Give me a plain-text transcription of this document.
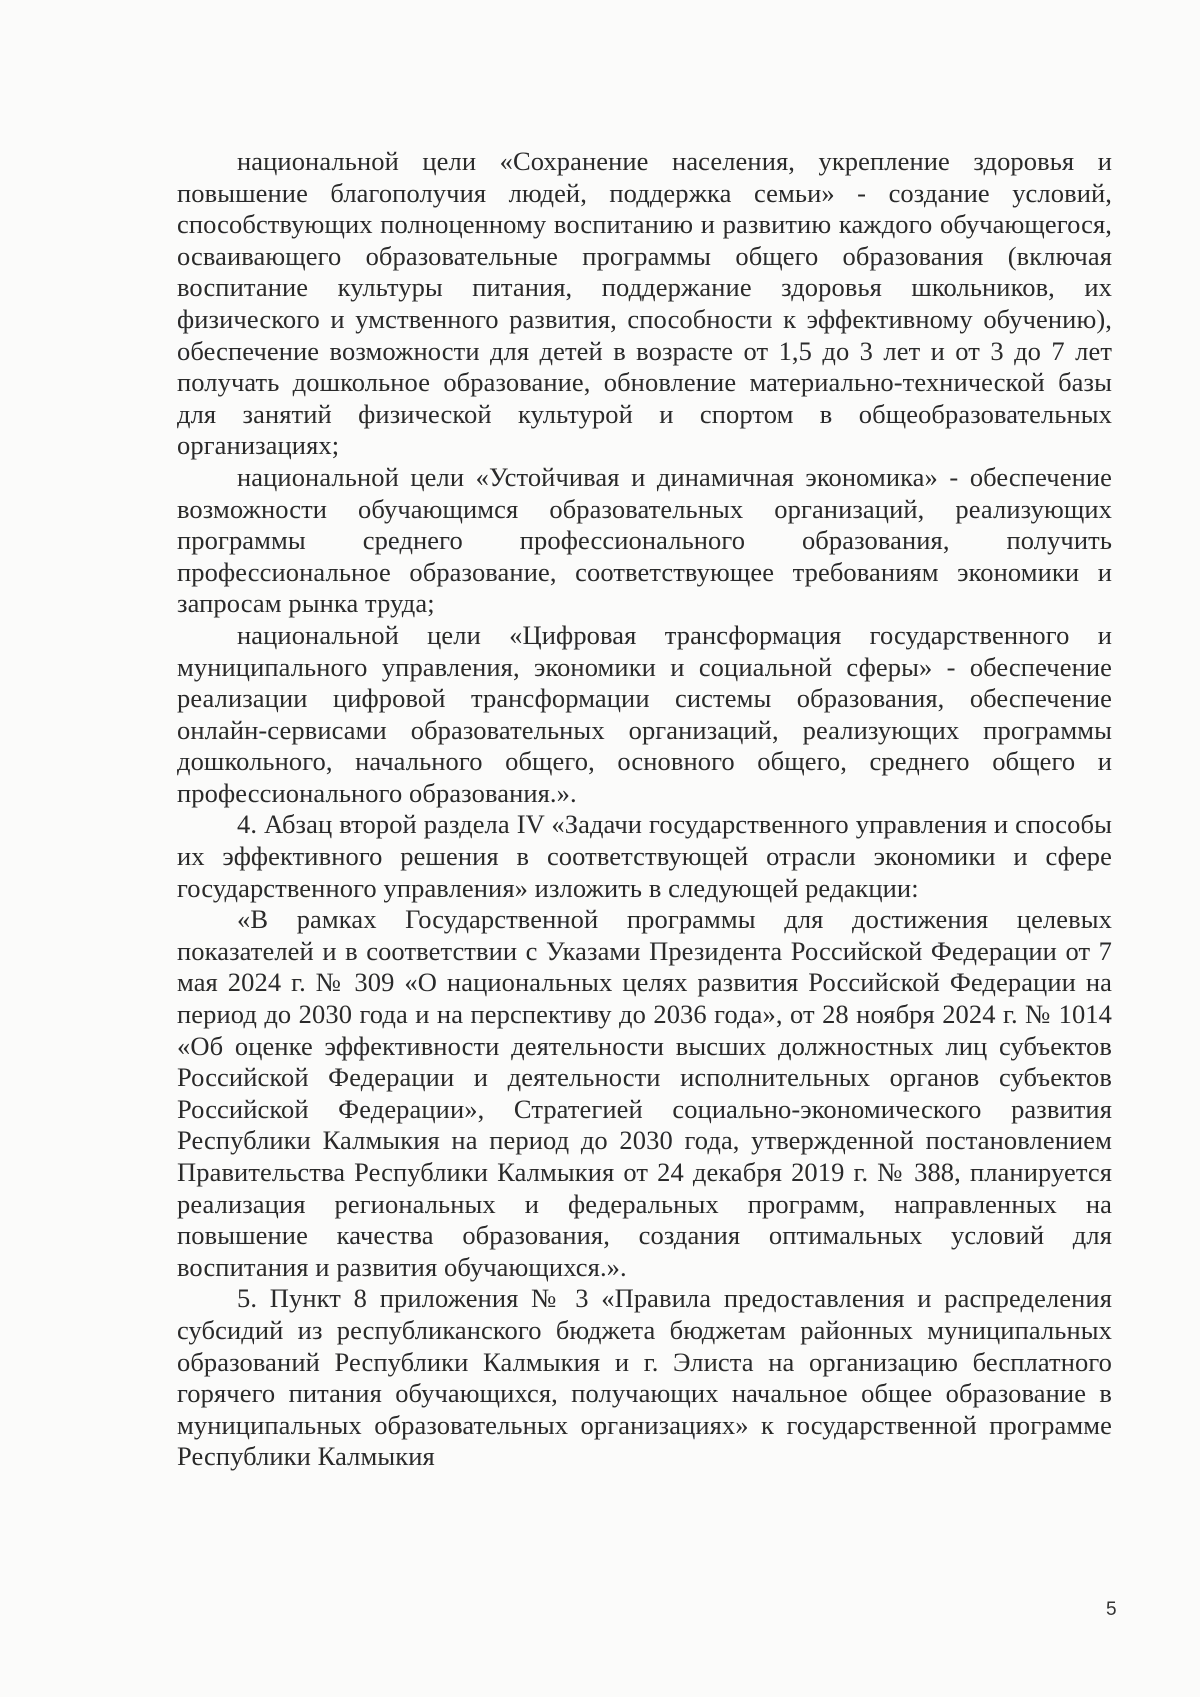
национальной цели «Сохранение населения, укрепление здоровья и повышение благополучия людей, поддержка семьи» - создание условий, способствующих полноценному воспитанию и развитию каждого обучающегося, осваивающего образовательные программы общего образования (включая воспитание культуры питания, поддержание здоровья школьников, их физического и умственного развития, способности к эффективному обучению), обеспечение возможности для детей в возрасте от 1,5 до 3 лет и от 3 до 7 лет получать дошкольное образование, обновление материально-технической базы для занятий физической культурой и спортом в общеобразовательных организациях;

национальной цели «Устойчивая и динамичная экономика» - обеспечение возможности обучающимся образовательных организаций, реализующих программы среднего профессионального образования, получить профессиональное образование, соответствующее требованиям экономики и запросам рынка труда;

национальной цели «Цифровая трансформация государственного и муниципального управления, экономики и социальной сферы» - обеспечение реализации цифровой трансформации системы образования, обеспечение онлайн-сервисами образовательных организаций, реализующих программы дошкольного, начального общего, основного общего, среднего общего и профессионального образования.».

4. Абзац второй раздела IV «Задачи государственного управления и способы их эффективного решения в соответствующей отрасли экономики и сфере государственного управления» изложить в следующей редакции:

«В рамках Государственной программы для достижения целевых показателей и в соответствии с Указами Президента Российской Федерации от 7 мая 2024 г. № 309 «О национальных целях развития Российской Федерации на период до 2030 года и на перспективу до 2036 года», от 28 ноября 2024 г. № 1014 «Об оценке эффективности деятельности высших должностных лиц субъектов Российской Федерации и деятельности исполнительных органов субъектов Российской Федерации», Стратегией социально-экономического развития Республики Калмыкия на период до 2030 года, утвержденной постановлением Правительства Республики Калмыкия от 24 декабря 2019 г. № 388, планируется реализация региональных и федеральных программ, направленных на повышение качества образования, создания оптимальных условий для воспитания и развития обучающихся.».

5. Пункт 8 приложения № 3 «Правила предоставления и распределения субсидий из республиканского бюджета бюджетам районных муниципальных образований Республики Калмыкия и г. Элиста на организацию бесплатного горячего питания обучающихся, получающих начальное общее образование в муниципальных образовательных организациях» к государственной программе Республики Калмыкия

5
